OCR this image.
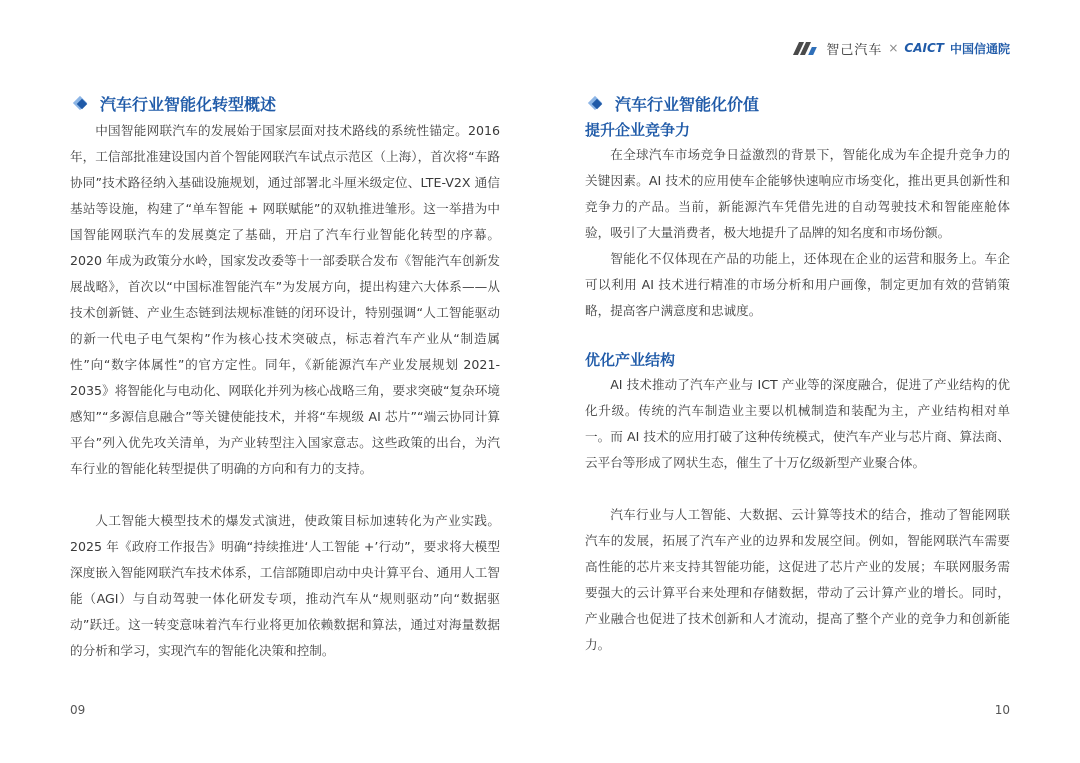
智己汽车 × CAICT 中国信通院
汽车行业智能化转型概述

中国智能网联汽车的发展始于国家层面对技术路线的系统性锚定。2016年，工信部批准建设国内首个智能网联汽车试点示范区（上海），首次将“车路协同”技术路径纳入基础设施规划，通过部署北斗厘米级定位、LTE-V2X 通信基站等设施，构建了“单车智能 + 网联赋能”的双轨推进雏形。这一举措为中国智能网联汽车的发展奠定了基础，开启了汽车行业智能化转型的序幕。2020 年成为政策分水岭，国家发改委等十一部委联合发布《智能汽车创新发展战略》，首次以“中国标准智能汽车”为发展方向，提出构建六大体系——从技术创新链、产业生态链到法规标准链的闭环设计，特别强调“人工智能驱动的新一代电子电气架构”作为核心技术突破点，标志着汽车产业从“制造属性”向“数字体属性”的官方定性。同年，《新能源汽车产业发展规划 2021-2035》将智能化与电动化、网联化并列为核心战略三角，要求突破“复杂环境感知”“多源信息融合”等关键使能技术，并将“车规级 AI 芯片”“端云协同计算平台”列入优先攻关清单，为产业转型注入国家意志。这些政策的出台，为汽车行业的智能化转型提供了明确的方向和有力的支持。

人工智能大模型技术的爆发式演进，使政策目标加速转化为产业实践。2025 年《政府工作报告》明确“持续推进‘人工智能 +’行动”，要求将大模型深度嵌入智能网联汽车技术体系，工信部随即启动中央计算平台、通用人工智能（AGI）与自动驾驶一体化研发专项，推动汽车从“规则驱动”向“数据驱动”跃迁。这一转变意味着汽车行业将更加依赖数据和算法，通过对海量数据的分析和学习，实现汽车的智能化决策和控制。

汽车行业智能化价值
提升企业竞争力

在全球汽车市场竞争日益激烈的背景下，智能化成为车企提升竞争力的关键因素。AI 技术的应用使车企能够快速响应市场变化，推出更具创新性和竞争力的产品。当前，新能源汽车凭借先进的自动驾驶技术和智能座舱体验，吸引了大量消费者，极大地提升了品牌的知名度和市场份额。

智能化不仅体现在产品的功能上，还体现在企业的运营和服务上。车企可以利用 AI 技术进行精准的市场分析和用户画像，制定更加有效的营销策略，提高客户满意度和忠诚度。

优化产业结构

AI 技术推动了汽车产业与 ICT 产业等的深度融合，促进了产业结构的优化升级。传统的汽车制造业主要以机械制造和装配为主，产业结构相对单一。而 AI 技术的应用打破了这种传统模式，使汽车产业与芯片商、算法商、云平台等形成了网状生态，催生了十万亿级新型产业聚合体。

汽车行业与人工智能、大数据、云计算等技术的结合，推动了智能网联汽车的发展，拓展了汽车产业的边界和发展空间。例如，智能网联汽车需要高性能的芯片来支持其智能功能，这促进了芯片产业的发展；车联网服务需要强大的云计算平台来处理和存储数据，带动了云计算产业的增长。同时，产业融合也促进了技术创新和人才流动，提高了整个产业的竞争力和创新能力。

09	10
